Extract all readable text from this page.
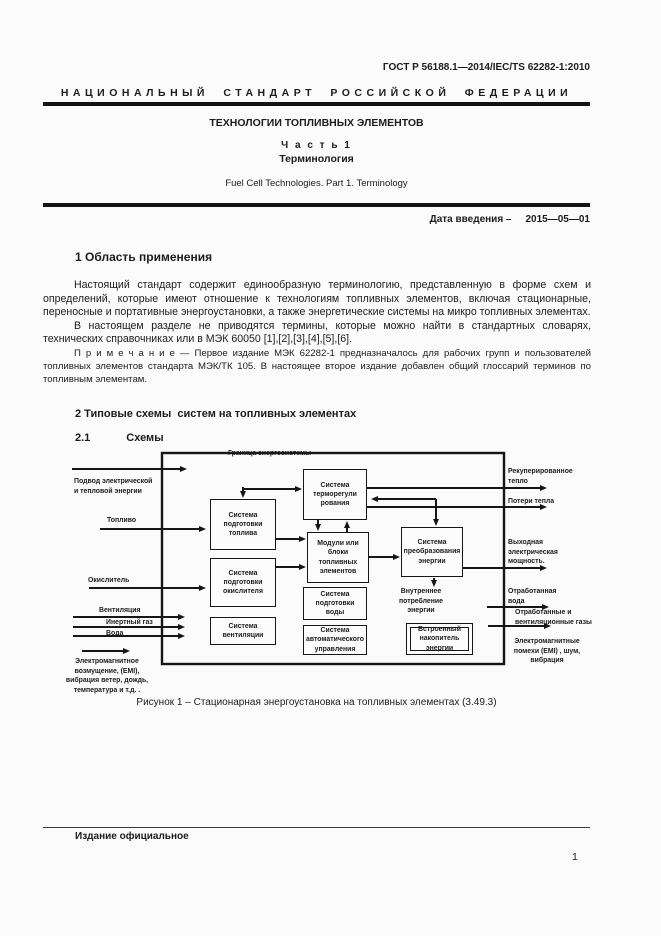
ГОСТ Р 56188.1—2014/IEC/TS 62282-1:2010
НАЦИОНАЛЬНЫЙ СТАНДАРТ РОССИЙСКОЙ ФЕДЕРАЦИИ
ТЕХНОЛОГИИ ТОПЛИВНЫХ ЭЛЕМЕНТОВ
Ч а с т ь 1
Терминология
Fuel Cell Technologies. Part 1. Terminology
Дата введения – 2015—05—01
1 Область применения

Настоящий стандарт содержит единообразную терминологию, представленную в форме схем и определений, которые имеют отношение к технологиям топливных элементов, включая стационарные, переносные и портативные энергоустановки, а также энергетические системы на микро топливных элементах.

В настоящем разделе не приводятся термины, которые можно найти в стандартных словарях, технических справочниках или в МЭК 60050 [1],[2],[3],[4],[5],[6].

П р и м е ч а н и е — Первое издание МЭК 62282-1 предназначалось для рабочих групп и пользователей топливных элементов стандарта МЭК/ТК 105. В настоящее второе издание добавлен общий глоссарий терминов по топливным элементам.

2 Типовые схемы  систем на топливных элементах
2.1	Схемы
Граница энергосистемы
Система подготовки топлива
Система терморегули рования
Модули или блоки топливных элементов
Система подготовки окислителя	Система подготовки воды
Система вентиляции
Система автоматического управления
Система преобразования энергии
Встроенный накопитель энергии
Внутреннее потребление энергии
Подвод электрической и тепловой энергии
Топливо
Окислитель
Вентиляция
Инертный газ
Вода
Электромагнитное возмущение, (EMI), вибрация ветер, дождь, температура и т.д. .
Рекуперированное тепло
Потери тепла
Выходная электрическая мощность.
Отработанная вода
Отработанные и вентиляционные газы
Электромагнитные помехи (EMI) , шум, вибрация
Рисунок 1 – Стационарная энергоустановка на топливных элементах (3.49.3)
Издание официальное
1
